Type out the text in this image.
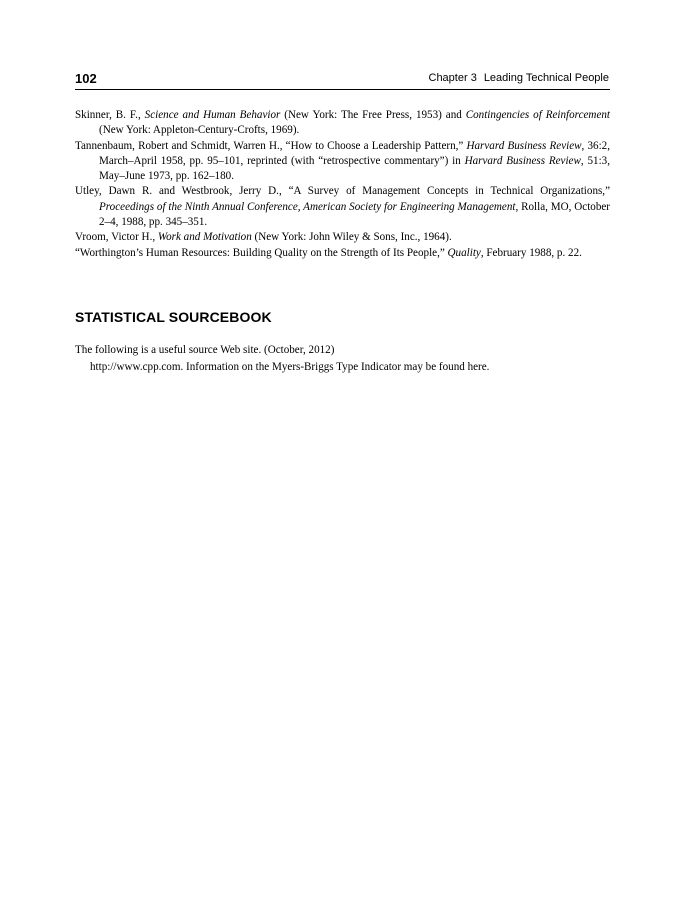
102	Chapter 3 Leading Technical People

Skinner, B. F., Science and Human Behavior (New York: The Free Press, 1953) and Contingencies of Reinforcement (New York: Appleton-Century-Crofts, 1969).

Tannenbaum, Robert and Schmidt, Warren H., “How to Choose a Leadership Pattern,” Harvard Business Review, 36:2, March–April 1958, pp. 95–101, reprinted (with “retrospective commentary”) in Harvard Business Review, 51:3, May–June 1973, pp. 162–180.

Utley, Dawn R. and Westbrook, Jerry D., “A Survey of Management Concepts in Technical Organizations,” Proceedings of the Ninth Annual Conference, American Society for Engineering Management, Rolla, MO, October 2–4, 1988, pp. 345–351.

Vroom, Victor H., Work and Motivation (New York: John Wiley & Sons, Inc., 1964).

“Worthington’s Human Resources: Building Quality on the Strength of Its People,” Quality, February 1988, p. 22.

STATISTICAL SOURCEBOOK

The following is a useful source Web site. (October, 2012)

http://www.cpp.com. Information on the Myers-Briggs Type Indicator may be found here.
